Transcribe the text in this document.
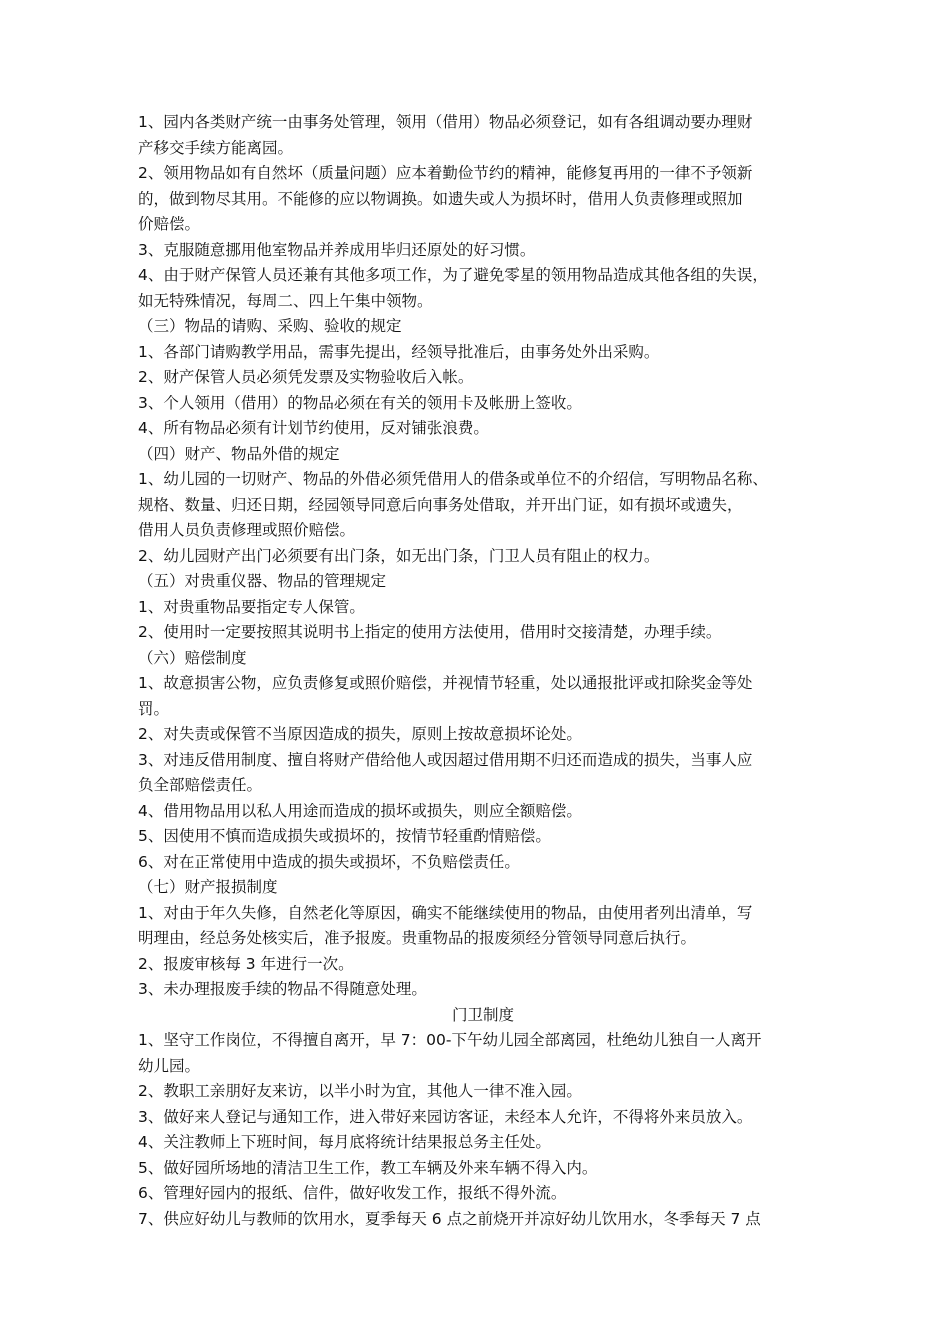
1、园内各类财产统一由事务处管理，领用（借用）物品必须登记，如有各组调动要办理财
产移交手续方能离园。
2、领用物品如有自然坏（质量问题）应本着勤俭节约的精神，能修复再用的一律不予领新
的，做到物尽其用。不能修的应以物调换。如遗失或人为损坏时，借用人负责修理或照加
价赔偿。
3、克服随意挪用他室物品并养成用毕归还原处的好习惯。
4、由于财产保管人员还兼有其他多项工作，为了避免零星的领用物品造成其他各组的失误，
如无特殊情况，每周二、四上午集中领物。
（三）物品的请购、采购、验收的规定
1、各部门请购教学用品，需事先提出，经领导批准后，由事务处外出采购。
2、财产保管人员必须凭发票及实物验收后入帐。
3、个人领用（借用）的物品必须在有关的领用卡及帐册上签收。
4、所有物品必须有计划节约使用，反对铺张浪费。
（四）财产、物品外借的规定
1、幼儿园的一切财产、物品的外借必须凭借用人的借条或单位不的介绍信，写明物品名称、
规格、数量、归还日期，经园领导同意后向事务处借取，并开出门证，如有损坏或遗失，
借用人员负责修理或照价赔偿。
2、幼儿园财产出门必须要有出门条，如无出门条，门卫人员有阻止的权力。
（五）对贵重仪器、物品的管理规定
1、对贵重物品要指定专人保管。
2、使用时一定要按照其说明书上指定的使用方法使用，借用时交接清楚，办理手续。
（六）赔偿制度
1、故意损害公物，应负责修复或照价赔偿，并视情节轻重，处以通报批评或扣除奖金等处
罚。
2、对失责或保管不当原因造成的损失，原则上按故意损坏论处。
3、对违反借用制度、擅自将财产借给他人或因超过借用期不归还而造成的损失，当事人应
负全部赔偿责任。
4、借用物品用以私人用途而造成的损坏或损失，则应全额赔偿。
5、因使用不慎而造成损失或损坏的，按情节轻重酌情赔偿。
6、对在正常使用中造成的损失或损坏，不负赔偿责任。
（七）财产报损制度
1、对由于年久失修，自然老化等原因，确实不能继续使用的物品，由使用者列出清单，写
明理由，经总务处核实后，准予报废。贵重物品的报废须经分管领导同意后执行。
2、报废审核每 3 年进行一次。
3、未办理报废手续的物品不得随意处理。
门卫制度
1、坚守工作岗位，不得擅自离开，早 7：00-下午幼儿园全部离园，杜绝幼儿独自一人离开
幼儿园。
2、教职工亲朋好友来访，以半小时为宜，其他人一律不准入园。
3、做好来人登记与通知工作，进入带好来园访客证，未经本人允许，不得将外来员放入。
4、关注教师上下班时间，每月底将统计结果报总务主任处。
5、做好园所场地的清洁卫生工作，教工车辆及外来车辆不得入内。
6、管理好园内的报纸、信件，做好收发工作，报纸不得外流。
7、供应好幼儿与教师的饮用水，夏季每天 6 点之前烧开并凉好幼儿饮用水，冬季每天 7 点
